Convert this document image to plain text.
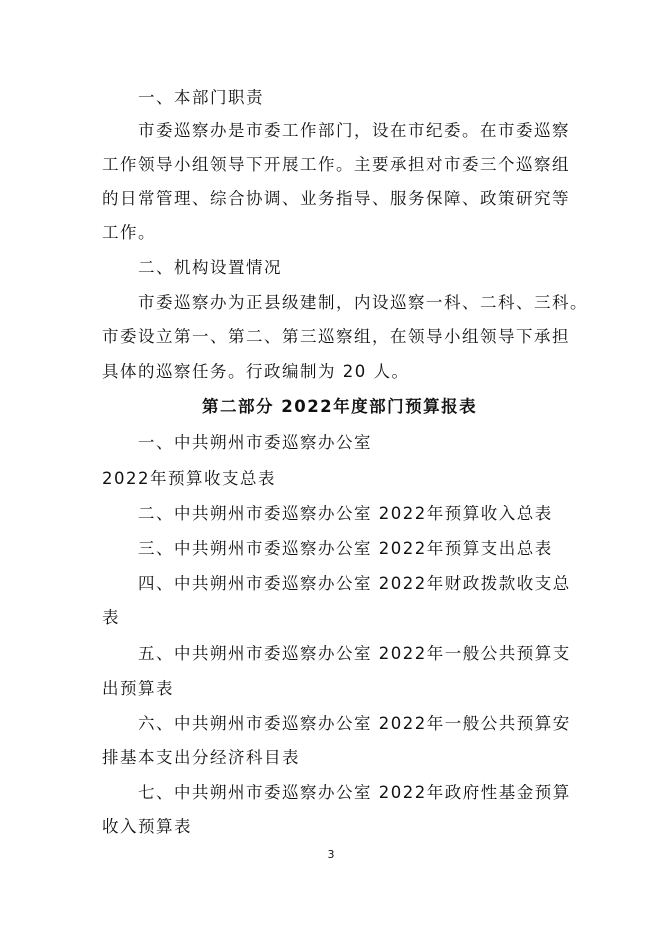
一、本部门职责
市委巡察办是市委工作部门，设在市纪委。在市委巡察
工作领导小组领导下开展工作。主要承担对市委三个巡察组
的日常管理、综合协调、业务指导、服务保障、政策研究等
工作。
二、机构设置情况
市委巡察办为正县级建制，内设巡察一科、二科、三科。
市委设立第一、第二、第三巡察组，在领导小组领导下承担
具体的巡察任务。行政编制为 20 人。
第二部分 2022年度部门预算报表
一、中共朔州市委巡察办公室
2022年预算收支总表
二、中共朔州市委巡察办公室 2022年预算收入总表
三、中共朔州市委巡察办公室 2022年预算支出总表
四、中共朔州市委巡察办公室 2022年财政拨款收支总
表
五、中共朔州市委巡察办公室 2022年一般公共预算支
出预算表
六、中共朔州市委巡察办公室 2022年一般公共预算安
排基本支出分经济科目表
七、中共朔州市委巡察办公室 2022年政府性基金预算
收入预算表
3
